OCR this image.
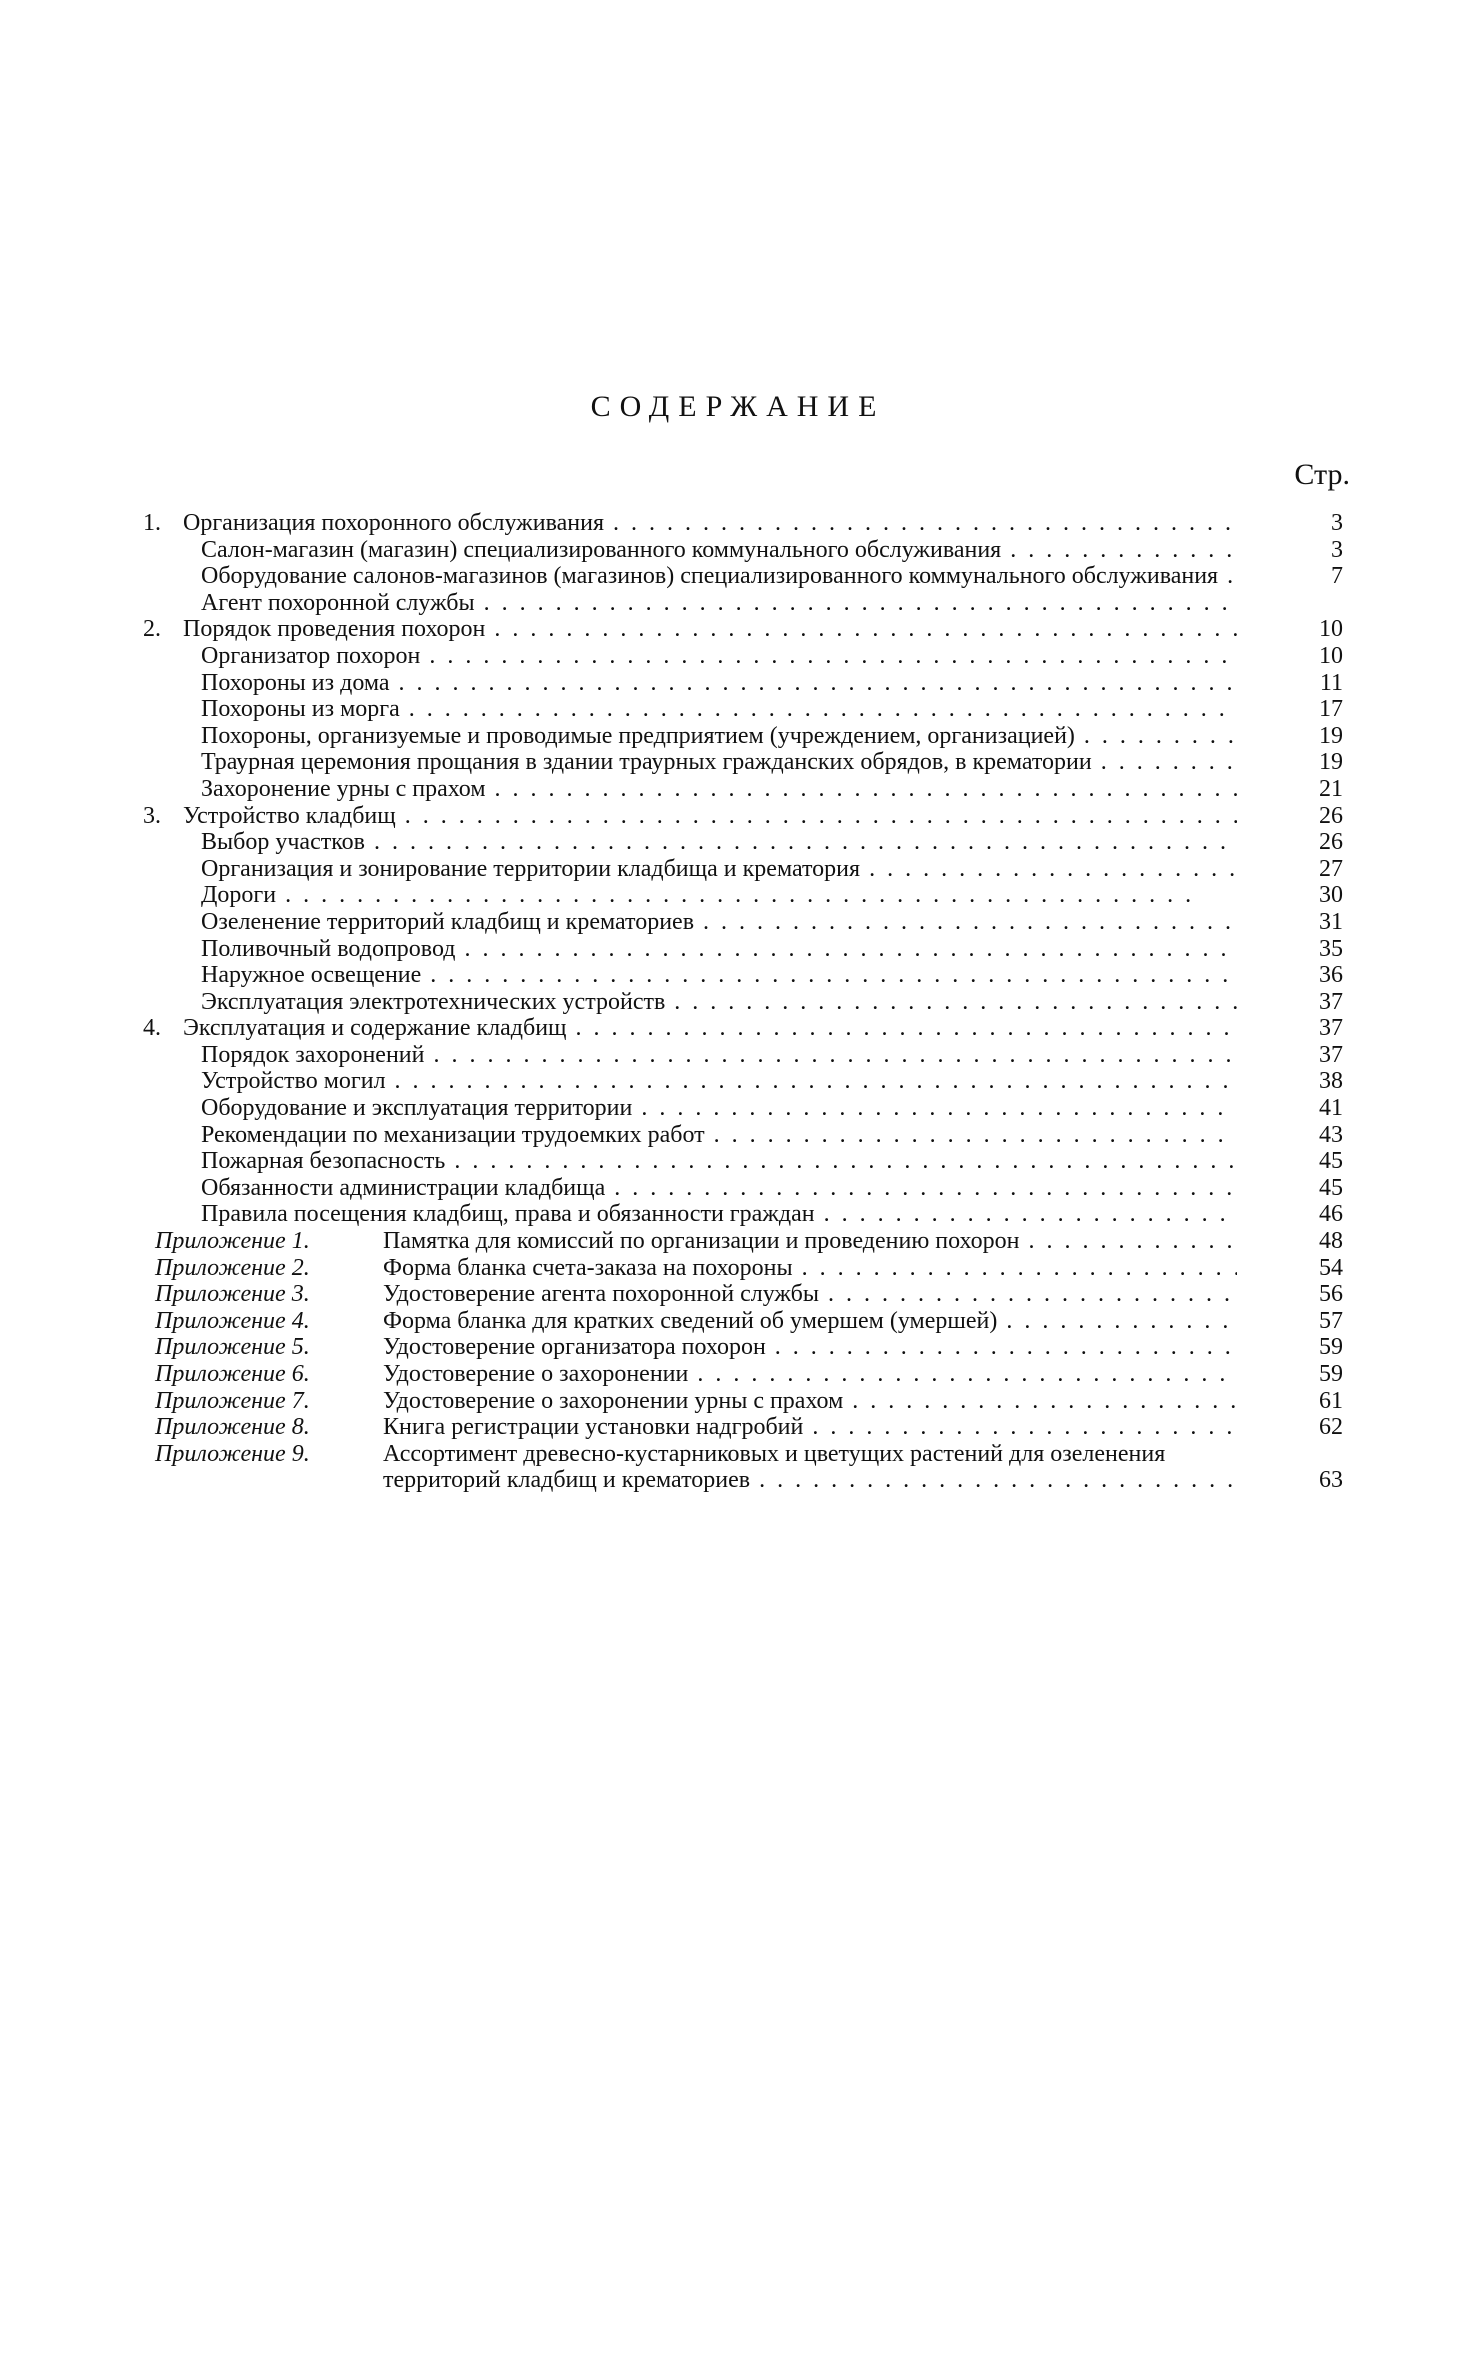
СОДЕРЖАНИЕ
Стр.
1. Организация похоронного обслуживания . .	3
Салон-магазин (магазин) специализированного коммунального обслуживания . .	3
Оборудование салонов-магазинов (магазинов) специализированного коммунального обслуживания . .	7
Агент похоронной службы . .
2. Порядок проведения похорон . .	10
Организатор похорон . .	10
Похороны из дома . .	11
Похороны из морга . .	17
Похороны, организуемые и проводимые предприятием (учреждением, организацией) . .	19
Траурная церемония прощания в здании траурных гражданских обрядов, в крематории . .	19
Захоронение урны с прахом . .	21
3. Устройство кладбищ . .	26
Выбор участков . .	26
Организация и зонирование территории кладбища и крематория . .	27
Дороги . .	30
Озеленение территорий кладбищ и крематориев . .	31
Поливочный водопровод . .	35
Наружное освещение . .	36
Эксплуатация электротехнических устройств . .	37
4. Эксплуатация и содержание кладбищ . .	37
Порядок захоронений . .	37
Устройство могил . .	38
Оборудование и эксплуатация территории . .	41
Рекомендации по механизации трудоемких работ . .	43
Пожарная безопасность . .	45
Обязанности администрации кладбища . .	45
Правила посещения кладбищ, права и обязанности граждан . .	46
Приложение 1.	Памятка для комиссий по организации и проведению похорон . .	48
Приложение 2.	Форма бланка счета-заказа на похороны . .	54
Приложение 3.	Удостоверение агента похоронной службы . .	56
Приложение 4.	Форма бланка для кратких сведений об умершем (умершей) . .	57
Приложение 5.	Удостоверение организатора похорон . .	59
Приложение 6.	Удостоверение о захоронении . .	59
Приложение 7.	Удостоверение о захоронении урны с прахом . .	61
Приложение 8.	Книга регистрации установки надгробий . .	62
Приложение 9.	Ассортимент древесно-кустарниковых и цветущих растений для озеленения
территорий кладбищ и крематориев . .	63
